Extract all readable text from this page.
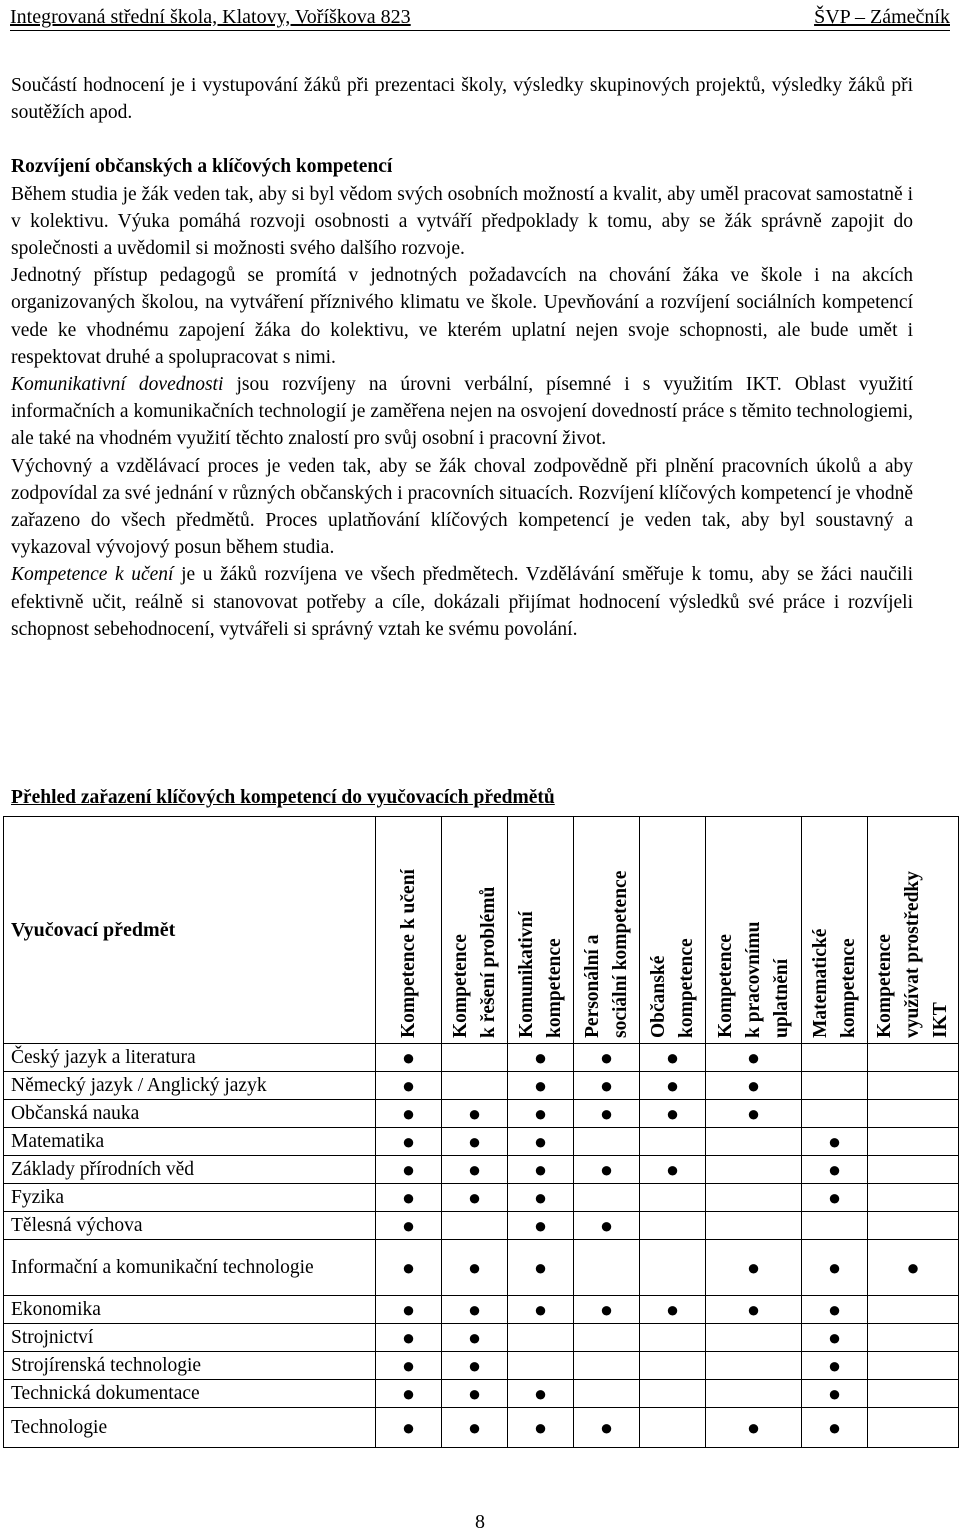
Integrovaná střední škola, Klatovy, Voříškova 823	ŠVP – Zámečník

Součástí hodnocení je i vystupování žáků při prezentaci školy, výsledky skupinových projektů, výsledky žáků při soutěžích apod.

Rozvíjení občanských a klíčových kompetencí

Během studia je žák veden tak, aby si byl vědom svých osobních možností a kvalit, aby uměl pracovat samostatně i v kolektivu. Výuka pomáhá rozvoji osobnosti a vytváří předpoklady k tomu, aby se žák správně zapojit do společnosti a uvědomil si možnosti svého dalšího rozvoje.

Jednotný přístup pedagogů se promítá v jednotných požadavcích na chování žáka ve škole i na akcích organizovaných školou, na vytváření příznivého klimatu ve škole. Upevňování a rozvíjení sociálních kompetencí vede ke vhodnému zapojení žáka do kolektivu, ve kterém uplatní nejen svoje schopnosti, ale bude umět i respektovat druhé a spolupracovat s nimi.

Komunikativní dovednosti jsou rozvíjeny na úrovni verbální, písemné i s využitím IKT. Oblast využití informačních a komunikačních technologií je zaměřena nejen na osvojení dovedností práce s těmito technologiemi, ale také na vhodném využití těchto znalostí pro svůj osobní i pracovní život.

Výchovný a vzdělávací proces je veden tak, aby se žák choval zodpovědně při plnění pracovních úkolů a aby zodpovídal za své jednání v různých občanských i pracovních situacích. Rozvíjení klíčových kompetencí je vhodně zařazeno do všech předmětů. Proces uplatňování klíčových kompetencí je veden tak, aby byl soustavný a vykazoval vývojový posun během studia.

Kompetence k učení je u žáků rozvíjena ve všech předmětech. Vzdělávání směřuje k tomu, aby se žáci naučili efektivně učit, reálně si stanovovat potřeby a cíle, dokázali přijímat hodnocení výsledků své práce i rozvíjeli schopnost sebehodnocení, vytvářeli si správný vztah ke svému povolání.

Přehled zařazení klíčových kompetencí do vyučovacích předmětů
Vyučovací předmět	Kompetence k učení	Kompetence k řešení problémů	Komunikativní kompetence	Personální a sociální kompetence	Občanské kompetence	Kompetence k pracovnímu uplatnění	Matematické kompetence	Kompetence využívat prostředky IKT

Český jazyk a literatura	●		●	●	●	●		
Německý jazyk / Anglický jazyk	●		●	●	●	●		
Občanská nauka	●	●	●	●	●	●		
Matematika	●	●	●				●	
Základy přírodních věd	●	●	●	●	●		●	
Fyzika	●	●	●				●	
Tělesná výchova	●		●	●				
Informační a komunikační technologie	●	●	●			●	●	●
Ekonomika	●	●	●	●	●	●	●	
Strojnictví	●	●					●	
Strojírenská technologie	●	●					●	
Technická dokumentace	●	●	●				●	
Technologie	●	●	●	●		●	●	
8
